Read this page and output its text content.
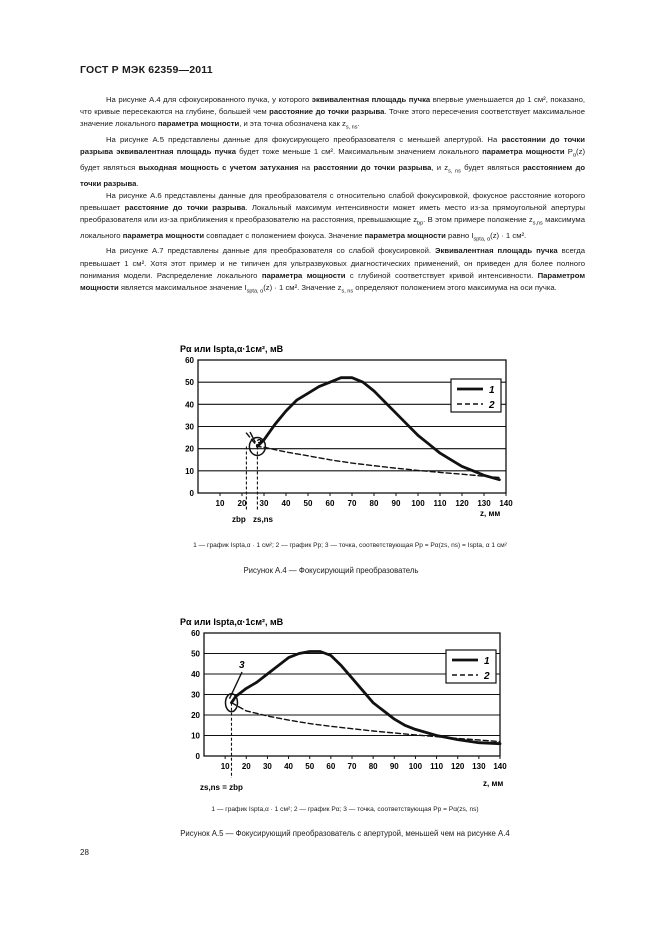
ГОСТ Р МЭК 62359—2011

На рисунке А.4 для сфокусированного пучка, у которого эквивалентная площадь пучка впервые уменьшается до 1 см², показано, что кривые пересекаются на глубине, большей чем расстояние до точки разрыва. Точке этого пересечения соответствует максимальное значение локального параметра мощности, и эта точка обозначена как $z_{s, ns}$.

На рисунке А.5 представлены данные для фокусирующего преобразователя с меньшей апертурой. На расстоянии до точки разрыва эквивалентная площадь пучка будет тоже меньше 1 см². Максимальным значением локального параметра мощности $P_\alpha(z)$ будет являться выходная мощность с учетом затухания на расстоянии до точки разрыва, и $z_{s, ns}$ будет являться расстоянием до точки разрыва.

На рисунке А.6 представлены данные для преобразователя с относительно слабой фокусировкой, фокусное расстояние которого превышает расстояние до точки разрыва. Локальный максимум интенсивности может иметь место из-за прямоугольной апертуры преобразователя или из-за приближения к преобразователю на расстояния, превышающие $z_{bp}$. В этом примере положение $z_{s,ns}$ максимума локального параметра мощности совпадает с положением фокуса. Значение параметра мощности равно $I_{spta, \alpha}(z) \cdot 1$ см².

На рисунке А.7 представлены данные для преобразователя со слабой фокусировкой. Эквивалентная площадь пучка всегда превышает 1 см². Хотя этот пример и не типичен для ультразвуковых диагностических применений, он приведен для более полного понимания модели. Распределение локального параметра мощности с глубиной соответствует кривой интенсивности. Параметром мощности является максимальное значение $I_{spta, \alpha}(z) \cdot 1$ см². Значение $z_{s, ns}$ определяют положением этого максимума на оси пучка.

Pα или Ispta,α·1см², мВ
z, мм
3
zbp zs,ns
0
10
20
30
40
50
60
10 20 30 40 50 60 70 80 90 100 110 120 130 140
1
2
Pα или Ispta,α·1см², мВ
z, мм
3
zs,ns = zbp
0
10
20
30
40
50
60
10 20 30 40 50 60 70 80 90 100 110 120 130 140
1
2
1 — график Ispta,α · 1 см²; 2 — график Pp; 3 — точка, соответствующая Pp = Pα(zs, ns) = Ispta, α 1 см²
Рисунок А.4 — Фокусирующий преобразователь
1 — график Ispta,α · 1 см²; 2 — график Pα; 3 — точка, соответствующая Pp = Pα(zs, ns)
Рисунок А.5 — Фокусирующий преобразователь с апертурой, меньшей чем на рисунке А.4
28
